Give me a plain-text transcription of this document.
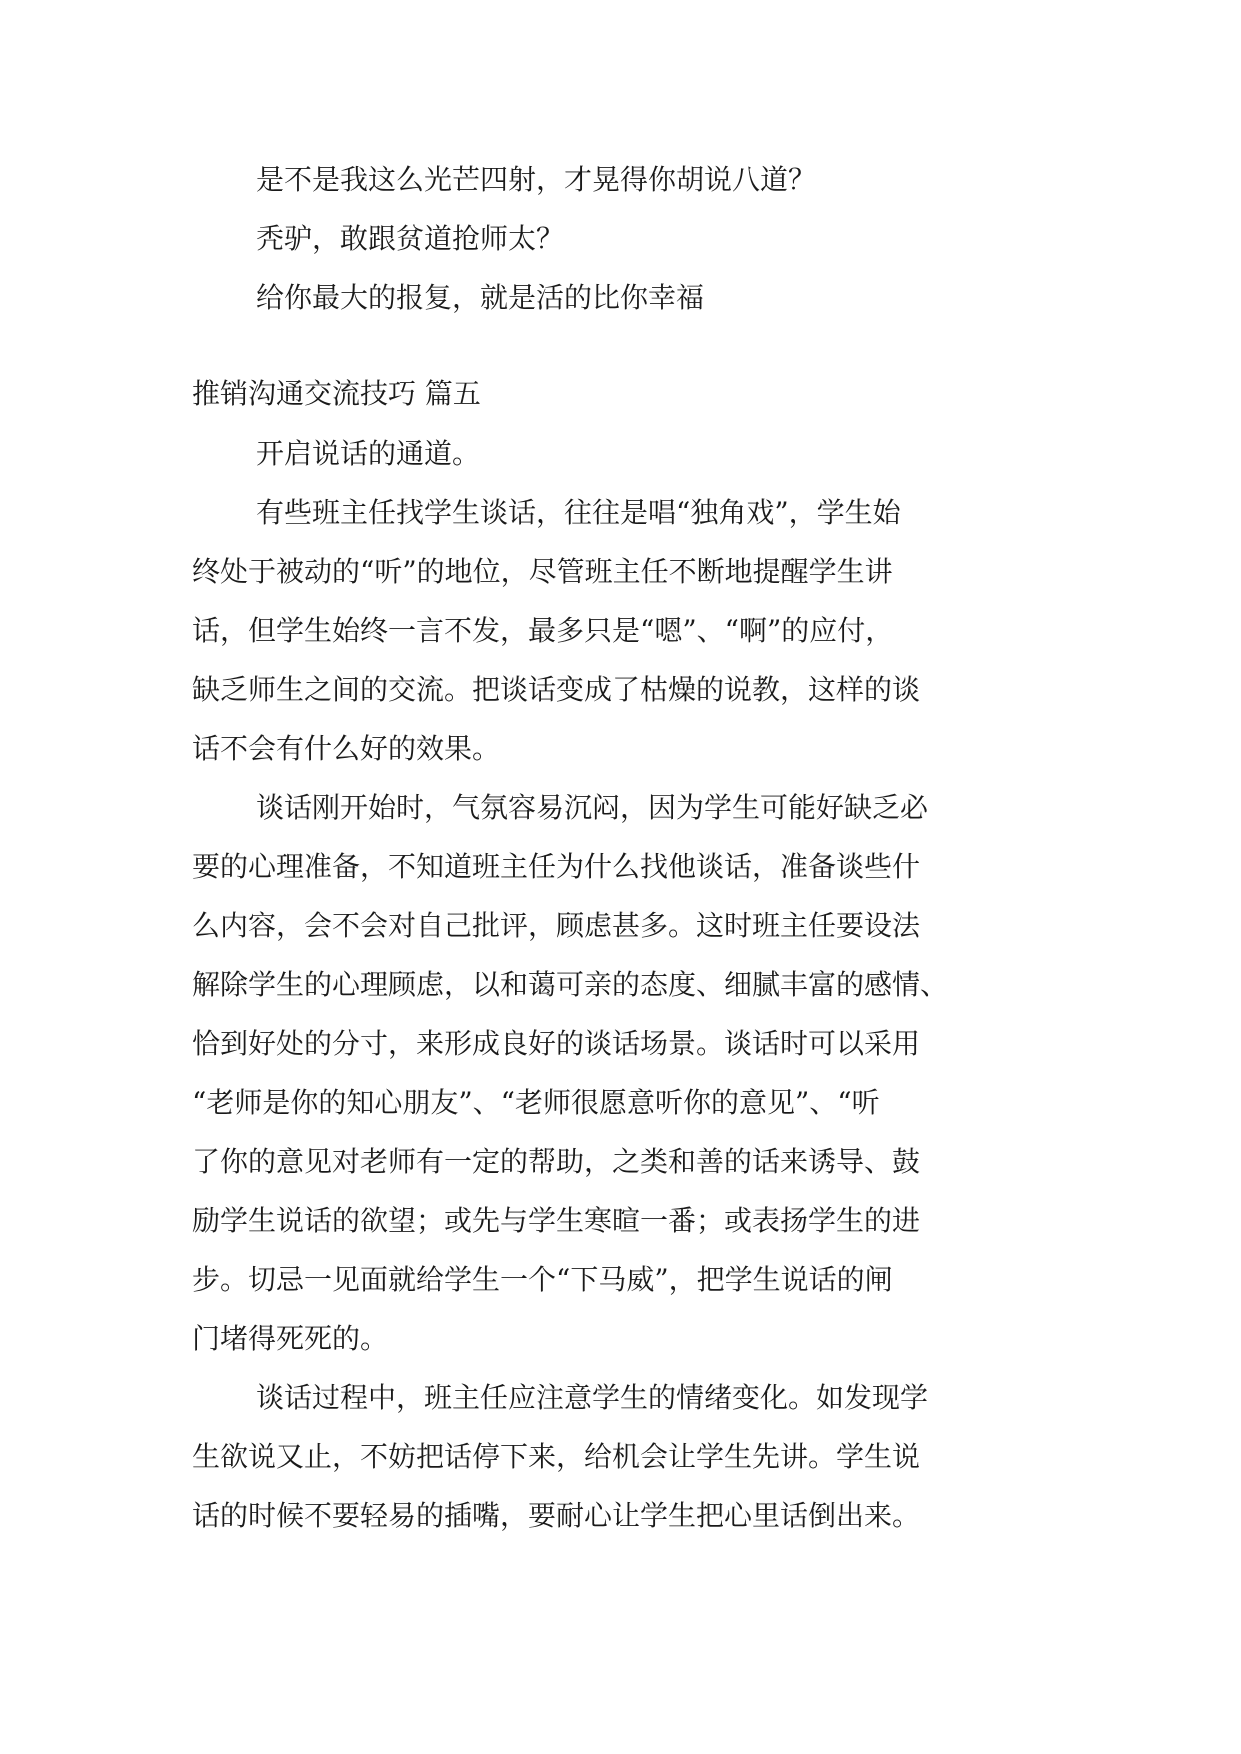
是不是我这么光芒四射，才晃得你胡说八道？
秃驴，敢跟贫道抢师太？
给你最大的报复，就是活的比你幸福
推销沟通交流技巧 篇五
开启说话的通道。
有些班主任找学生谈话，往往是唱“独角戏”，学生始
终处于被动的“听”的地位，尽管班主任不断地提醒学生讲
话，但学生始终一言不发，最多只是“嗯”、“啊”的应付，
缺乏师生之间的交流。把谈话变成了枯燥的说教，这样的谈
话不会有什么好的效果。
谈话刚开始时，气氛容易沉闷，因为学生可能好缺乏必
要的心理准备，不知道班主任为什么找他谈话，准备谈些什
么内容，会不会对自己批评，顾虑甚多。这时班主任要设法
解除学生的心理顾虑，以和蔼可亲的态度、细腻丰富的感情、
恰到好处的分寸，来形成良好的谈话场景。谈话时可以采用
“老师是你的知心朋友”、“老师很愿意听你的意见”、“听
了你的意见对老师有一定的帮助，之类和善的话来诱导、鼓
励学生说话的欲望；或先与学生寒暄一番；或表扬学生的进
步。切忌一见面就给学生一个“下马威”，把学生说话的闸
门堵得死死的。
谈话过程中，班主任应注意学生的情绪变化。如发现学
生欲说又止，不妨把话停下来，给机会让学生先讲。学生说
话的时候不要轻易的插嘴，要耐心让学生把心里话倒出来。
